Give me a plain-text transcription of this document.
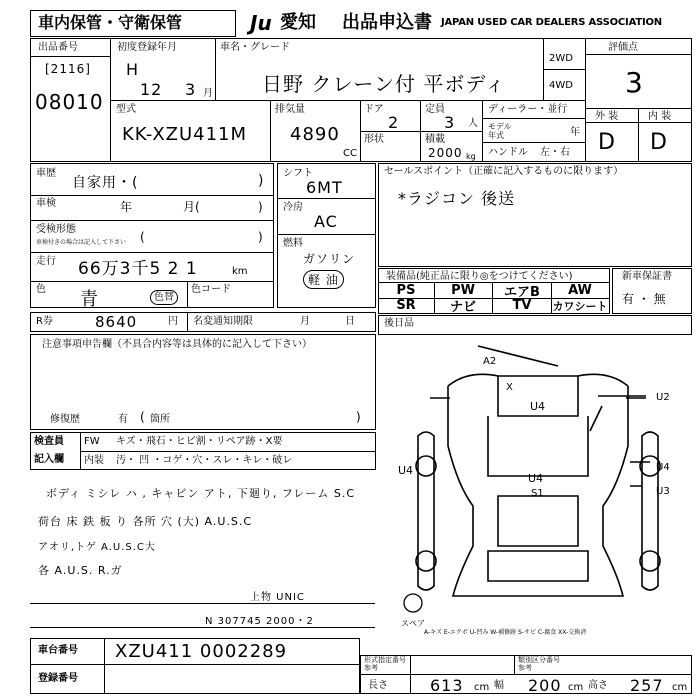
車内保管・守衛保管	Ju 愛知 出品申込書 JAPAN USED CAR DEALERS ASSOCIATION
出品番号
[2116]
08010
初度登録年月
H
12 3 月
車名・グレード
日野 クレーン付 平ボディ
2WD
4WD
評価点
3
外 装	内 装
D D
型式
KK-XZU411M
排気量
4890
CC
ドア
2
定員
3 人
形状	積載
2000 kg
ディーラー・並行
モデル
年式	年
ハンドル 左・右
車歴
自家用・(	)
車検	年	月(	)
受検形態
車検付きの場合は記入して下さい (	)
走行 66万3千5 2 1	km
色 青	色替
色コード
シフト
6MT
冷房
AC
燃料
ガソリン
軽 油
セールスポイント（正確に記入するものに限ります）
*ラジコン 後送
装備品(純正品に限り◎をつけてください)
PS	PW	エアB	AW
SR	ナビ	TV	カワシート
新車保証書
有 ・ 無
R券	8640	円 名変通知期限	月	日	後日品
注意事項申告欄（不具合内容等は具体的に記入して下さい）
修復歴	有 ( 箇所	)
検査員
記入欄
FW キズ・飛石・ヒビ割・リペア跡・X要
内装 汚・ 凹 ・コゲ・穴・スレ・キレ・破レ
ボディ ミシレ ハ , キャビン アト, 下廻り, フレーム S.C
荷台 床 鉄 板 り 各所 穴 (大) A.U.S.C
アオリ,トゲ A.U.S.C大
各 A.U.S. R.ガ
上物 UNIC
N 307745 2000・2
A2
U4
U2
U4
U4
U4
S1	U3
X
スペア
A-キズ E-エクボ U-凹み W-補修跡 S-サビ C-腐食 XX-交換済
車台番号 XZU411 0002289
登録番号
形式指定番号
参考
類別区分番号
参考
長さ	613 cm 幅 200 cm 高さ 257 cm
